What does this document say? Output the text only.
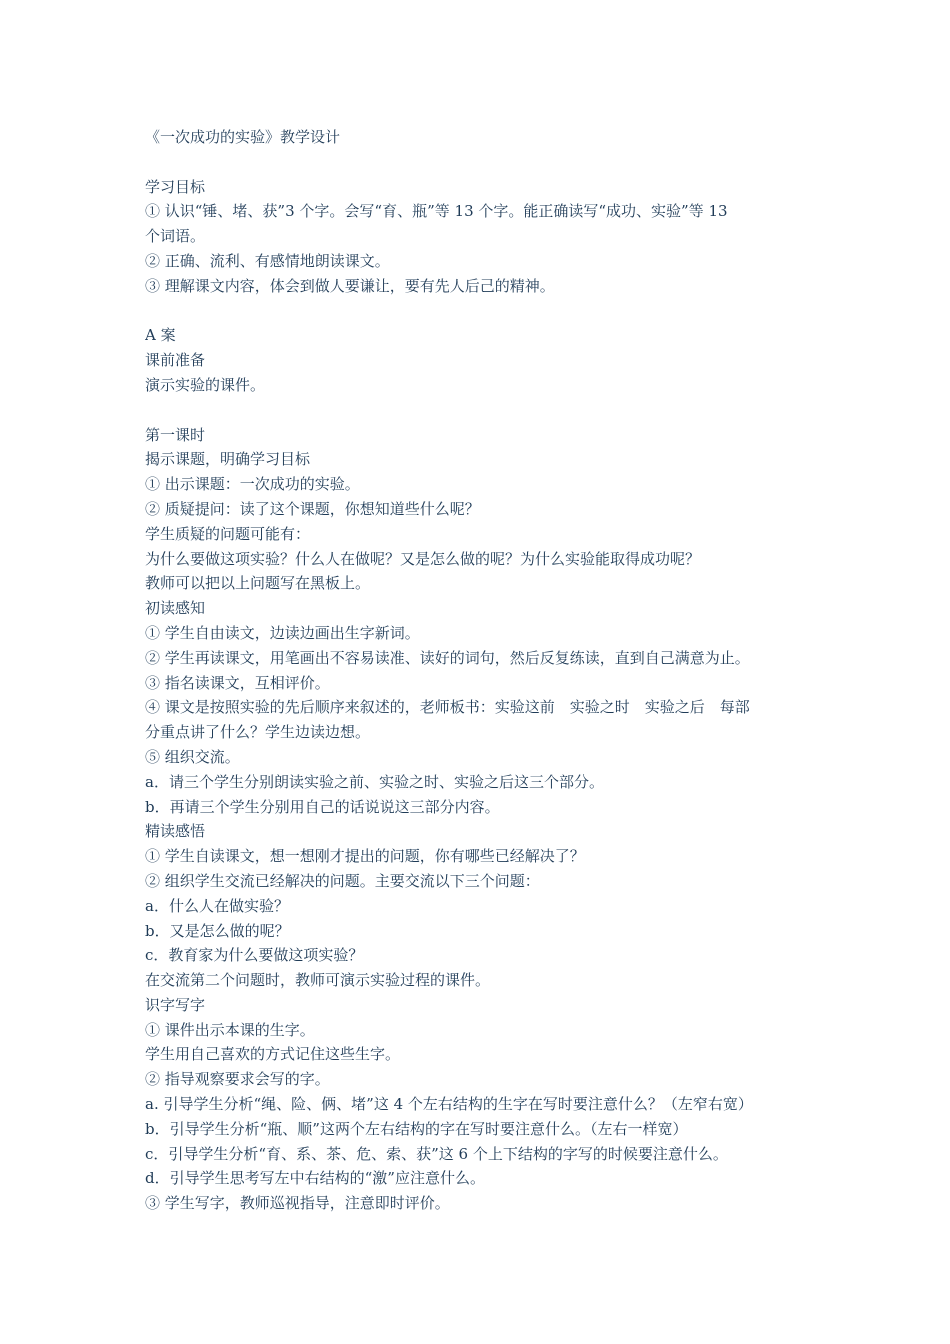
《一次成功的实验》教学设计
学习目标
① 认识“锤、堵、获”3 个字。会写“育、瓶”等 13 个字。能正确读写“成功、实验”等 13
个词语。
② 正确、流利、有感情地朗读课文。
③ 理解课文内容，体会到做人要谦让，要有先人后己的精神。
A 案
课前准备
演示实验的课件。
第一课时
揭示课题，明确学习目标
① 出示课题：一次成功的实验。
② 质疑提问：读了这个课题，你想知道些什么呢？
学生质疑的问题可能有：
为什么要做这项实验？什么人在做呢？又是怎么做的呢？为什么实验能取得成功呢？
教师可以把以上问题写在黑板上。
初读感知
① 学生自由读文，边读边画出生字新词。
② 学生再读课文，用笔画出不容易读准、读好的词句，然后反复练读，直到自己满意为止。
③ 指名读课文，互相评价。
④ 课文是按照实验的先后顺序来叙述的，老师板书：实验这前　实验之时　实验之后　每部
分重点讲了什么？学生边读边想。
⑤ 组织交流。
a．请三个学生分别朗读实验之前、实验之时、实验之后这三个部分。
b．再请三个学生分别用自己的话说说这三部分内容。
精读感悟
① 学生自读课文，想一想刚才提出的问题，你有哪些已经解决了？
② 组织学生交流已经解决的问题。主要交流以下三个问题：
a．什么人在做实验？
b．又是怎么做的呢？
c．教育家为什么要做这项实验？
在交流第二个问题时，教师可演示实验过程的课件。
识字写字
① 课件出示本课的生字。
学生用自己喜欢的方式记住这些生字。
② 指导观察要求会写的字。
a. 引导学生分析“绳、险、俩、堵”这 4 个左右结构的生字在写时要注意什么？（左窄右宽）
b．引导学生分析“瓶、顺”这两个左右结构的字在写时要注意什么。（左右一样宽）
c．引导学生分析“育、系、茶、危、索、获”这 6 个上下结构的字写的时候要注意什么。
d．引导学生思考写左中右结构的“激”应注意什么。
③ 学生写字，教师巡视指导，注意即时评价。
